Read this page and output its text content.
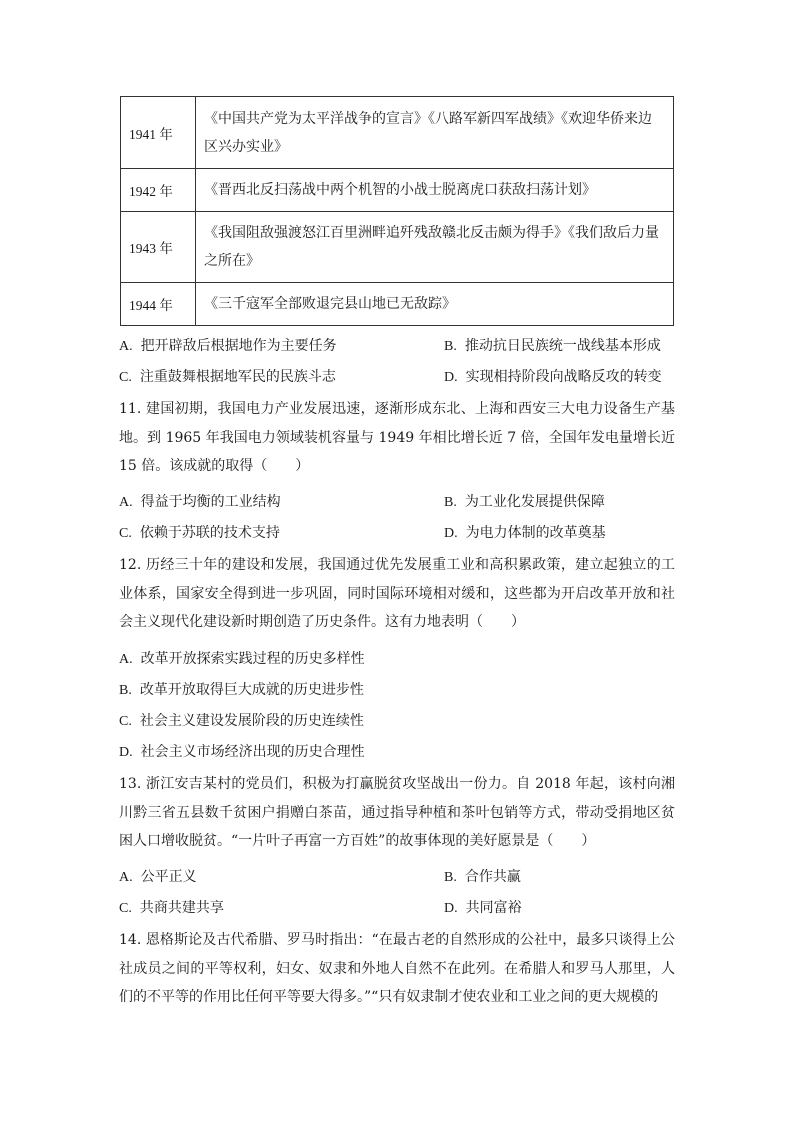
1941 年	《中国共产党为太平洋战争的宣言》《八路军新四军战绩》《欢迎华侨来边区兴办实业》
1942 年	《晋西北反扫荡战中两个机智的小战士脱离虎口获敌扫荡计划》
1943 年	《我国阻敌强渡怒江百里洲畔追歼残敌赣北反击颇为得手》《我们敌后力量之所在》
1944 年	《三千寇军全部败退完县山地已无敌踪》
A. 把开辟敌后根据地作为主要任务	B. 推动抗日民族统一战线基本形成
C. 注重鼓舞根据地军民的民族斗志	D. 实现相持阶段向战略反攻的转变
11. 建国初期，我国电力产业发展迅速，逐渐形成东北、上海和西安三大电力设备生产基地。到 1965 年我国电力领域装机容量与 1949 年相比增长近 7 倍，全国年发电量增长近 15 倍。该成就的取得（　　）
A. 得益于均衡的工业结构	B. 为工业化发展提供保障
C. 依赖于苏联的技术支持	D. 为电力体制的改革奠基
12. 历经三十年的建设和发展，我国通过优先发展重工业和高积累政策，建立起独立的工业体系，国家安全得到进一步巩固，同时国际环境相对缓和，这些都为开启改革开放和社会主义现代化建设新时期创造了历史条件。这有力地表明（　　）
A. 改革开放探索实践过程的历史多样性
B. 改革开放取得巨大成就的历史进步性
C. 社会主义建设发展阶段的历史连续性
D. 社会主义市场经济出现的历史合理性
13. 浙江安吉某村的党员们，积极为打赢脱贫攻坚战出一份力。自 2018 年起，该村向湘川黔三省五县数千贫困户捐赠白茶苗，通过指导种植和茶叶包销等方式，带动受捐地区贫困人口增收脱贫。“一片叶子再富一方百姓”的故事体现的美好愿景是（　　）
A. 公平正义	B. 合作共赢
C. 共商共建共享	D. 共同富裕
14. 恩格斯论及古代希腊、罗马时指出：“在最古老的自然形成的公社中，最多只谈得上公社成员之间的平等权利，妇女、奴隶和外地人自然不在此列。在希腊人和罗马人那里，人们的不平等的作用比任何平等要大得多。”“只有奴隶制才使农业和工业之间的更大规模的
